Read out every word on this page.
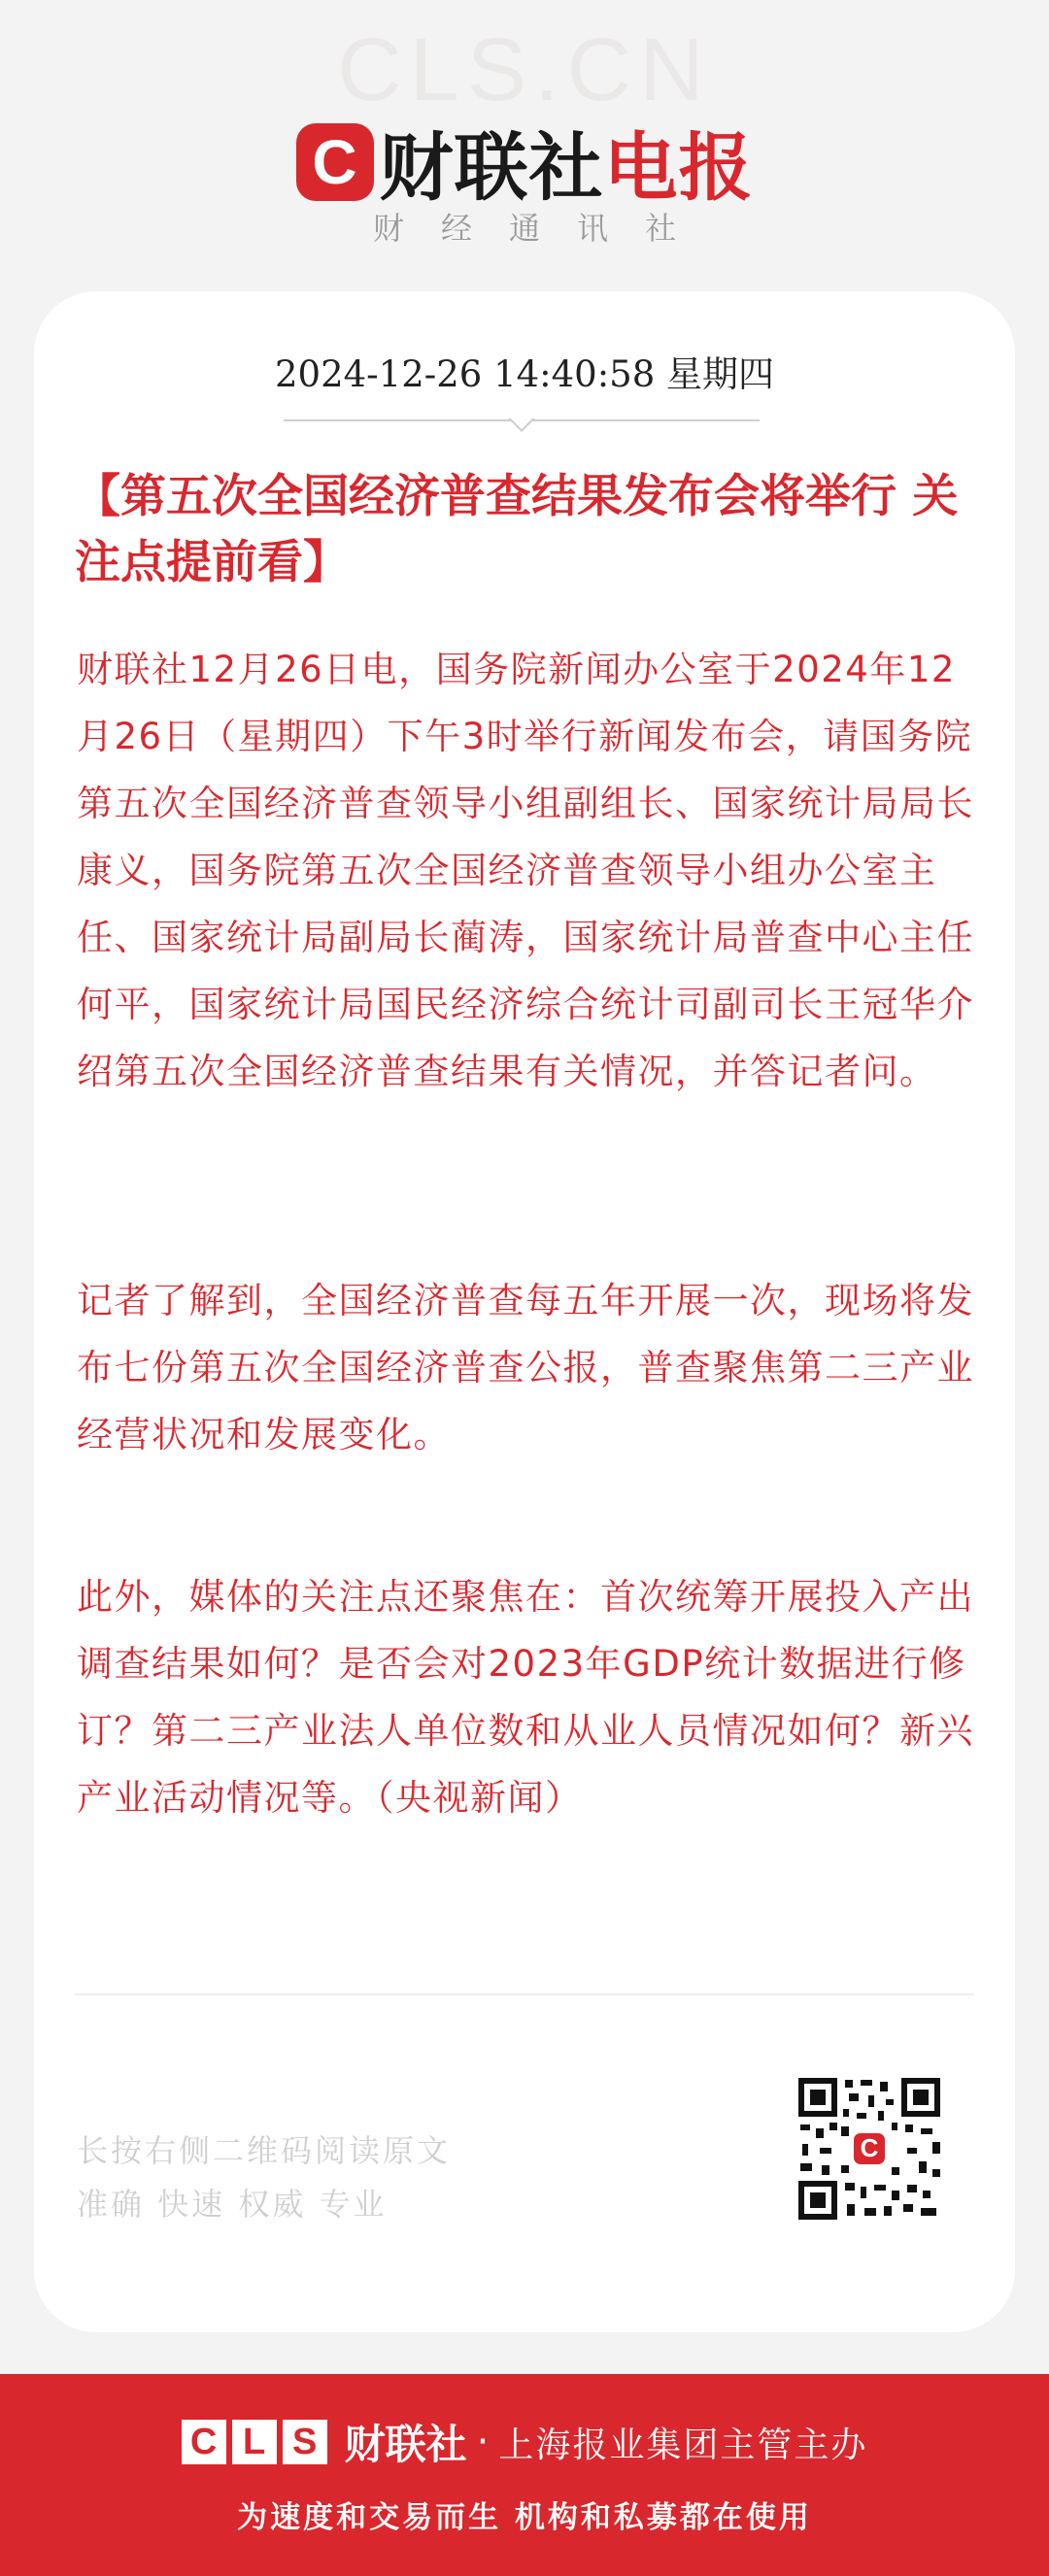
CLS.CN
C 财联社 电报
财经通讯社
2024-12-26 14:40:58 星期四
【第五次全国经济普查结果发布会将举行 关注点提前看】

财联社12月26日电，国务院新闻办公室于2024年12月26日（星期四）下午3时举行新闻发布会，请国务院第五次全国经济普查领导小组副组长、国家统计局局长康义，国务院第五次全国经济普查领导小组办公室主任、国家统计局副局长蔺涛，国家统计局普查中心主任何平，国家统计局国民经济综合统计司副司长王冠华介绍第五次全国经济普查结果有关情况，并答记者问。

记者了解到，全国经济普查每五年开展一次，现场将发布七份第五次全国经济普查公报，普查聚焦第二三产业经营状况和发展变化。

此外，媒体的关注点还聚焦在：首次统筹开展投入产出调查结果如何？是否会对2023年GDP统计数据进行修订？第二三产业法人单位数和从业人员情况如何？新兴产业活动情况等。（央视新闻）

长按右侧二维码阅读原文
准确 快速 权威 专业
C
C L S 财联社 · 上海报业集团主管主办
为速度和交易而生 机构和私募都在使用
